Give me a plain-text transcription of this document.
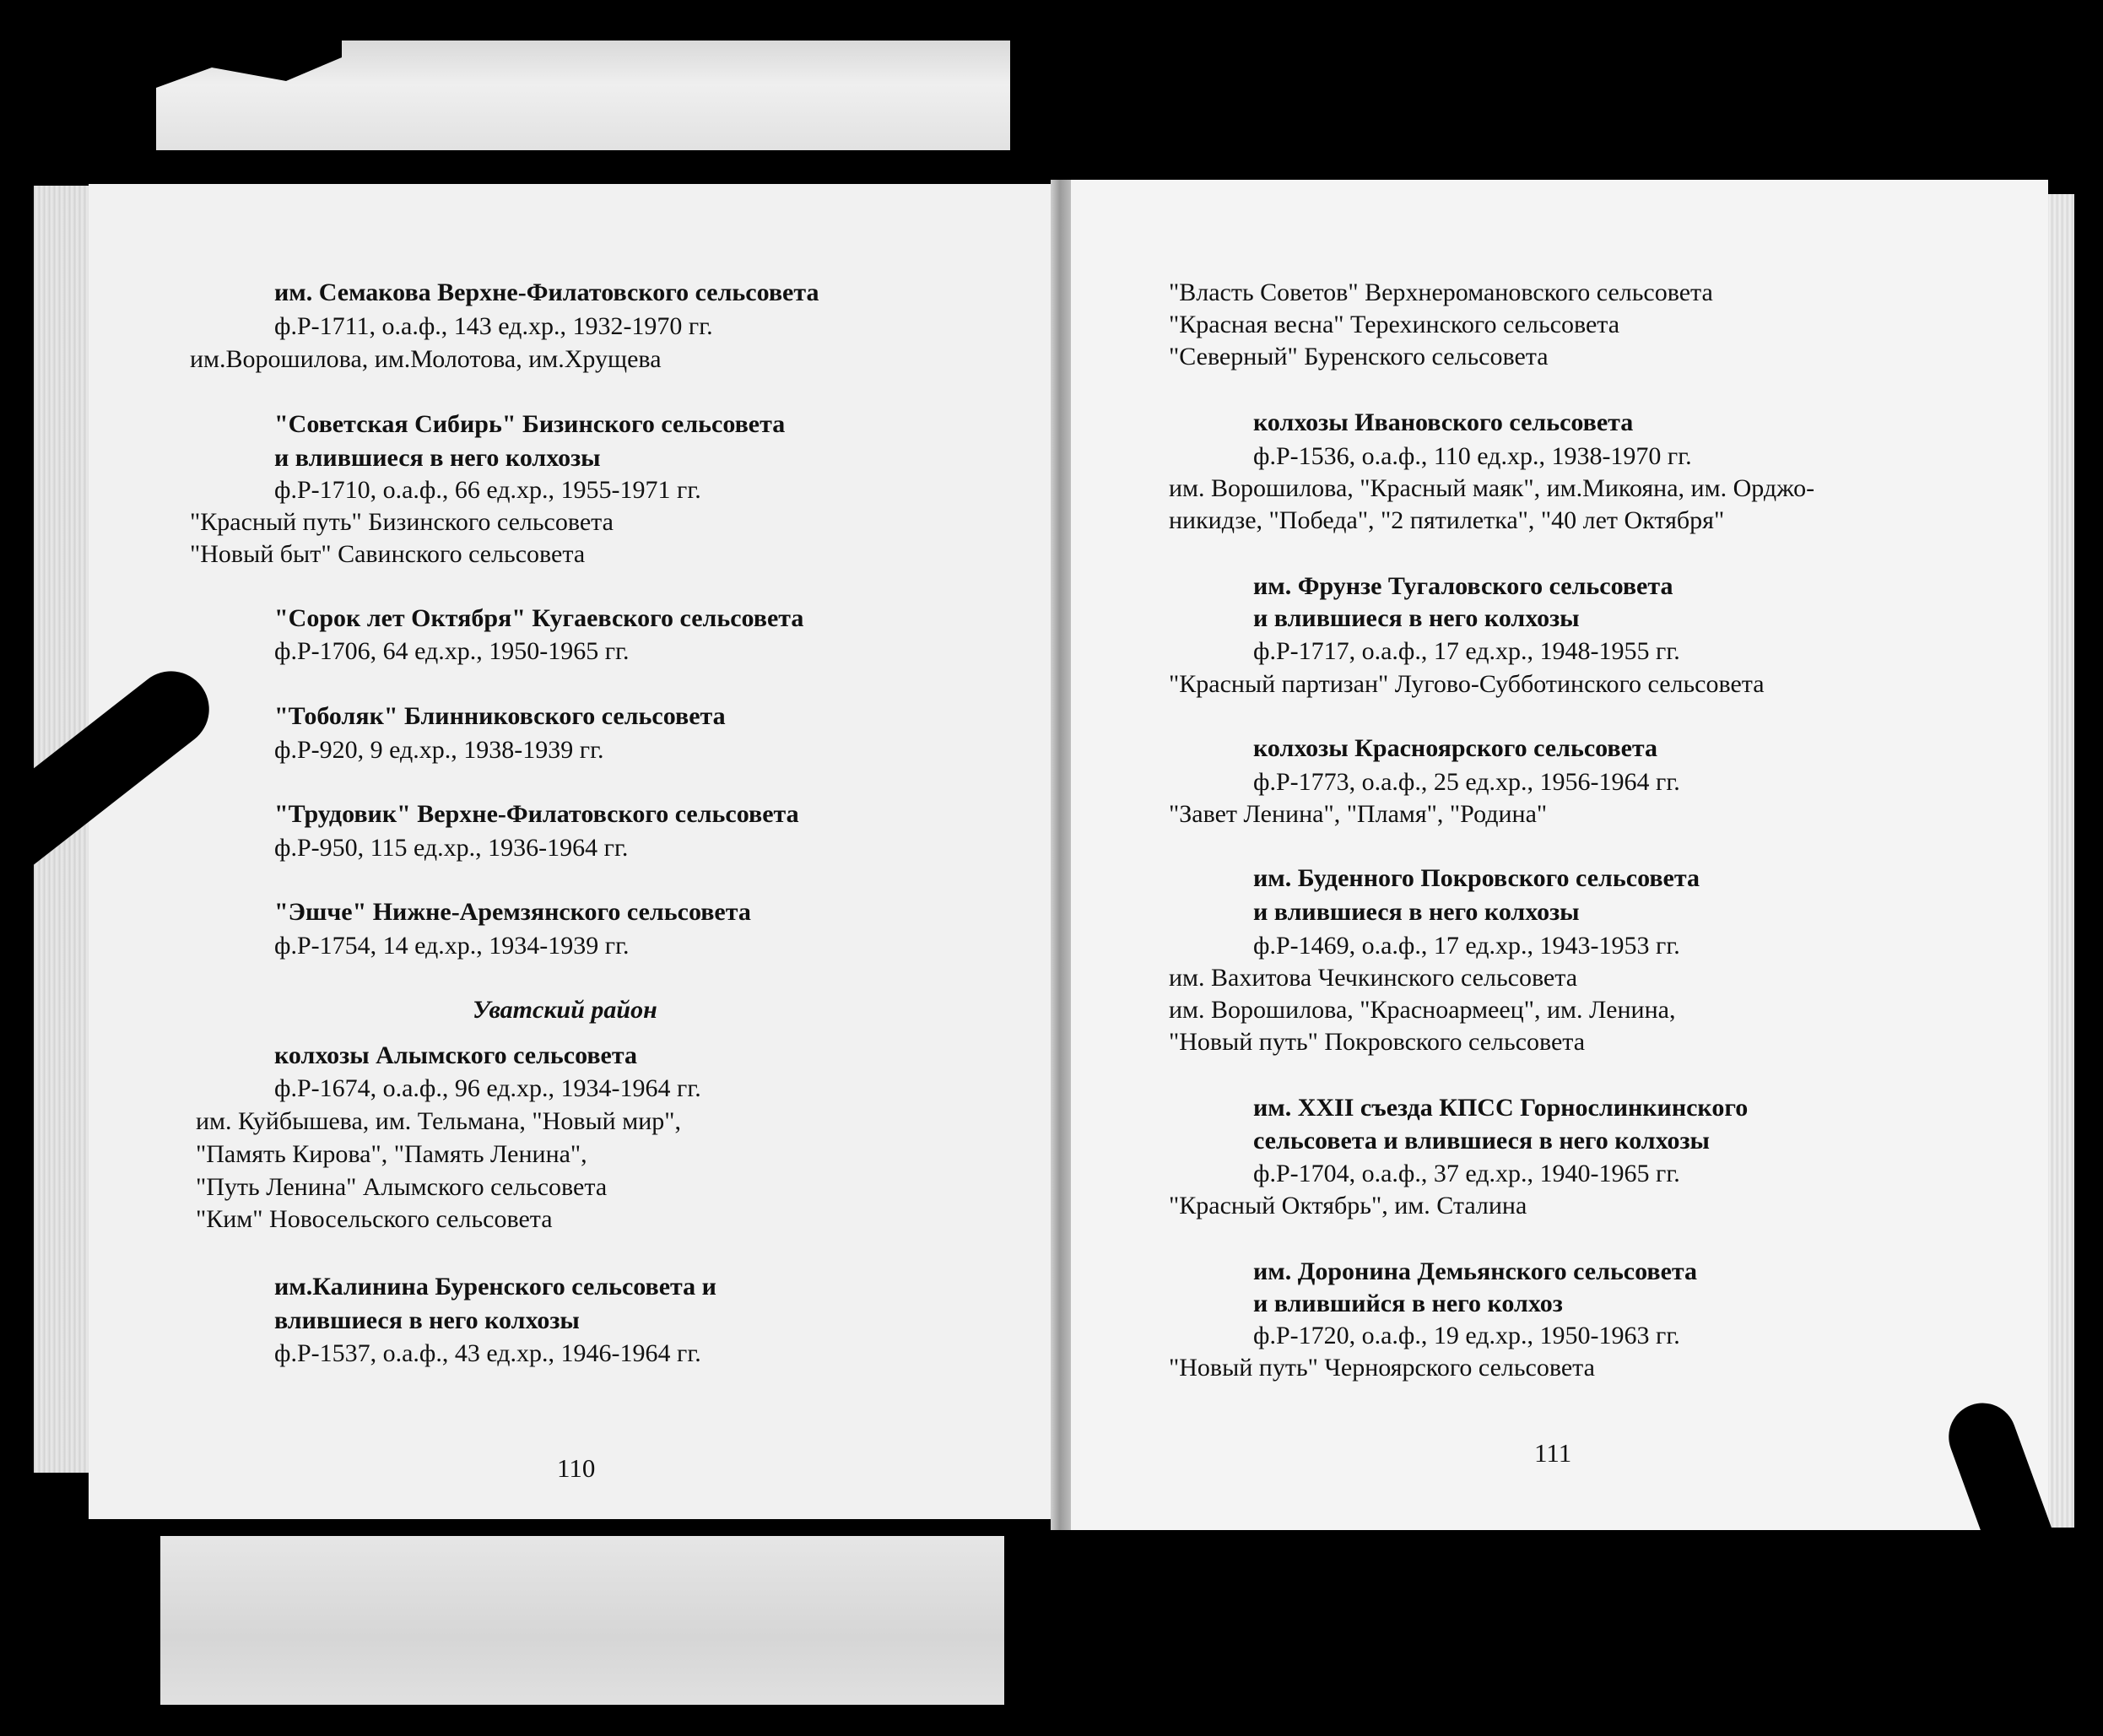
им. Семакова Верхне-Филатовского сельсовета
ф.Р-1711, о.а.ф., 143 ед.хр., 1932-1970 гг.
им.Ворошилова, им.Молотова, им.Хрущева
"Советская Сибирь" Бизинского сельсовета
и влившиеся в него колхозы
ф.Р-1710, о.а.ф., 66 ед.хр., 1955-1971 гг.
"Красный путь" Бизинского сельсовета
"Новый быт" Савинского сельсовета
"Сорок лет Октября" Кугаевского сельсовета
ф.Р-1706, 64 ед.хр., 1950-1965 гг.
"Тоболяк" Блинниковского сельсовета
ф.Р-920, 9 ед.хр., 1938-1939 гг.
"Трудовик" Верхне-Филатовского сельсовета
ф.Р-950, 115 ед.хр., 1936-1964 гг.
"Эшче" Нижне-Аремзянского сельсовета
ф.Р-1754, 14 ед.хр., 1934-1939 гг.
Уватский район
колхозы Алымского сельсовета
ф.Р-1674, о.а.ф., 96 ед.хр., 1934-1964 гг.
им. Куйбышева, им. Тельмана, "Новый мир",
"Память Кирова", "Память Ленина",
"Путь Ленина" Алымского сельсовета
"Ким" Новосельского сельсовета
им.Калинина Буренского сельсовета и
влившиеся в него колхозы
ф.Р-1537, о.а.ф., 43 ед.хр., 1946-1964 гг.
110
"Власть Советов" Верхнеромановского сельсовета
"Красная весна" Терехинского сельсовета
"Северный" Буренского сельсовета
колхозы Ивановского сельсовета
ф.Р-1536, о.а.ф., 110 ед.хр., 1938-1970 гг.
им. Ворошилова, "Красный маяк", им.Микояна, им. Орджо-
никидзе, "Победа", "2 пятилетка", "40 лет Октября"
им. Фрунзе Тугаловского сельсовета
и влившиеся в него колхозы
ф.Р-1717, о.а.ф., 17 ед.хр., 1948-1955 гг.
"Красный партизан" Лугово-Субботинского сельсовета
колхозы Красноярского сельсовета
ф.Р-1773, о.а.ф., 25 ед.хр., 1956-1964 гг.
"Завет Ленина", "Пламя", "Родина"
им. Буденного Покровского сельсовета
и влившиеся в него колхозы
ф.Р-1469, о.а.ф., 17 ед.хр., 1943-1953 гг.
им. Вахитова Чечкинского сельсовета
им. Ворошилова, "Красноармеец", им. Ленина,
"Новый путь" Покровского сельсовета
им. XXII съезда КПСС Горнослинкинского
сельсовета и влившиеся в него колхозы
ф.Р-1704, о.а.ф., 37 ед.хр., 1940-1965 гг.
"Красный Октябрь", им. Сталина
им. Доронина Демьянского сельсовета
и влившийся в него колхоз
ф.Р-1720, о.а.ф., 19 ед.хр., 1950-1963 гг.
"Новый путь" Черноярского сельсовета
111
